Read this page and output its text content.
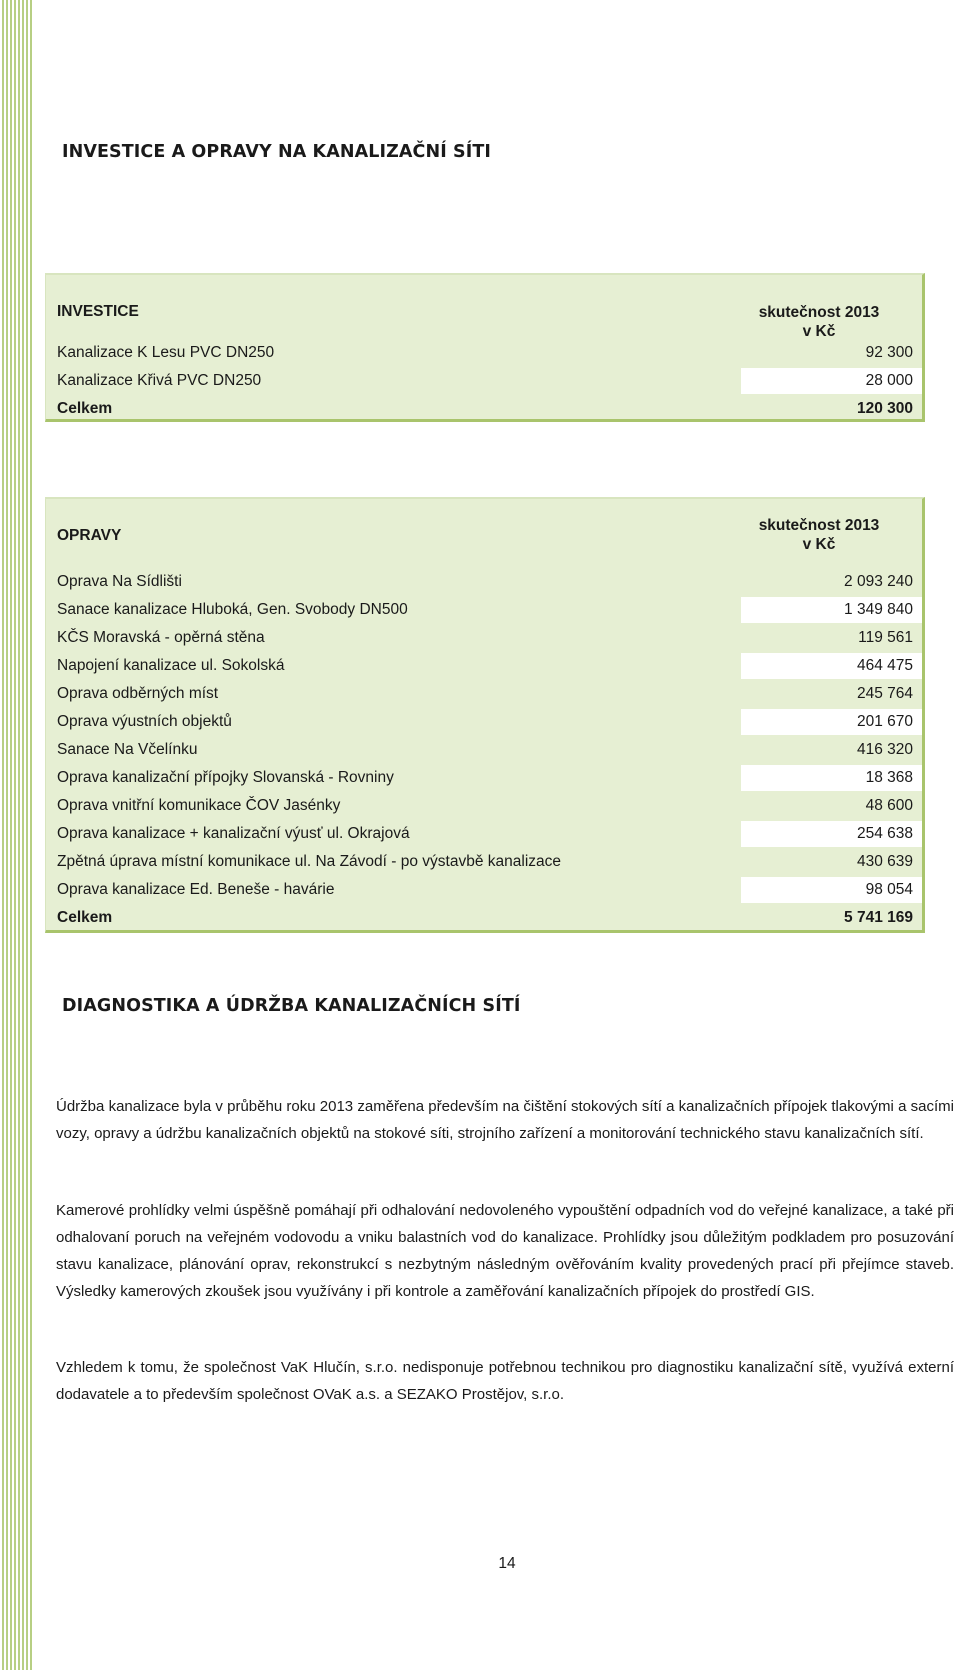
INVESTICE A OPRAVY NA KANALIZAČNÍ SÍTI
INVESTICE	skutečnost 2013
v Kč
Kanalizace K Lesu PVC DN250	92 300
Kanalizace Křivá PVC DN250	28 000
Celkem	120 300
OPRAVY
skutečnost 2013
v Kč
Oprava Na Sídlišti	2 093 240
Sanace kanalizace Hluboká, Gen. Svobody DN500	1 349 840
KČS Moravská - opěrná stěna	119 561
Napojení kanalizace ul. Sokolská	464 475
Oprava odběrných míst	245 764
Oprava výustních objektů	201 670
Sanace Na Včelínku	416 320
Oprava kanalizační přípojky Slovanská - Rovniny	18 368
Oprava vnitřní komunikace ČOV Jasénky	48 600
Oprava kanalizace + kanalizační výusť ul. Okrajová	254 638
Zpětná úprava místní komunikace ul. Na Závodí - po výstavbě kanalizace	430 639
Oprava kanalizace Ed. Beneše - havárie	98 054
Celkem	5 741 169
DIAGNOSTIKA A ÚDRŽBA KANALIZAČNÍCH SÍTÍ

Údržba kanalizace byla v průběhu roku 2013 zaměřena především na čištění stokových sítí a kanalizačních přípojek tlakovými a sacími vozy, opravy a údržbu kanalizačních objektů na stokové síti, strojního zařízení a monitorování technického stavu kanalizačních sítí.

Kamerové prohlídky velmi úspěšně pomáhají při odhalování nedovoleného vypouštění odpadních vod do veřejné kanalizace, a také při odhalovaní poruch na veřejném vodovodu a vniku balastních vod do kanalizace. Prohlídky jsou důležitým podkladem pro posuzování stavu kanalizace, plánování oprav, rekonstrukcí s nezbytným následným ověřováním kvality provedených prací při přejímce staveb. Výsledky kamerových zkoušek jsou využívány i při kontrole a zaměřování kanalizačních přípojek do prostředí GIS.

Vzhledem k tomu, že společnost VaK Hlučín, s.r.o. nedisponuje potřebnou technikou pro diagnostiku kanalizační sítě, využívá externí dodavatele a to především společnost OVaK a.s. a SEZAKO Prostějov, s.r.o.

14
